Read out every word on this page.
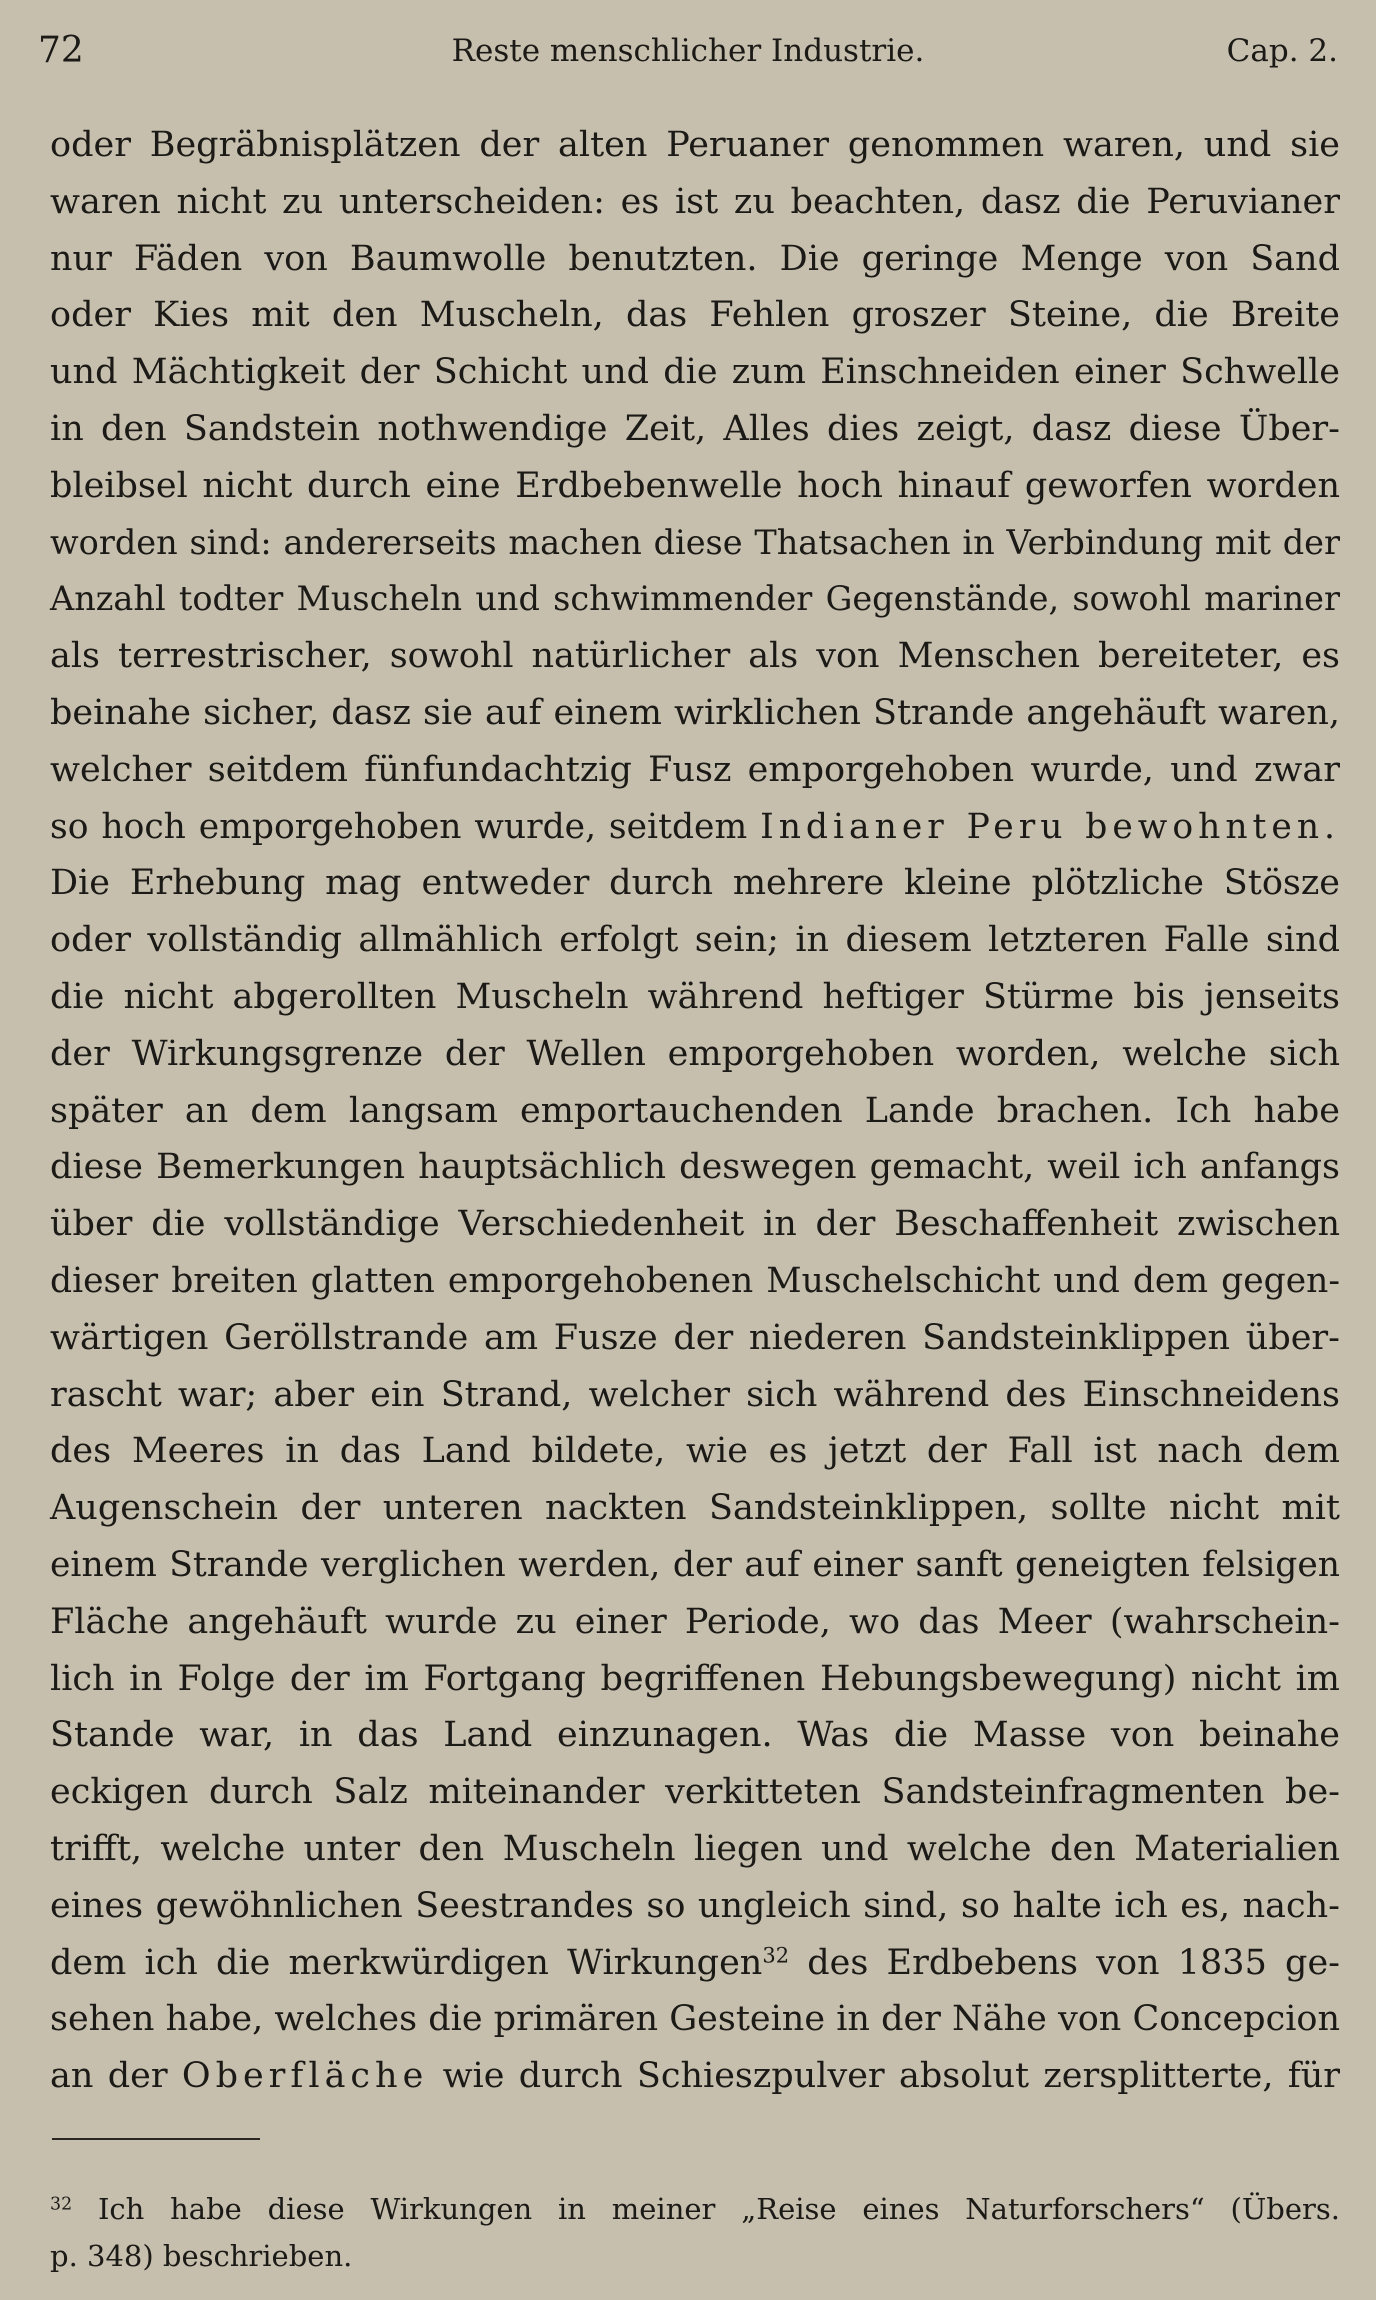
72	Reste menschlicher Industrie.	Cap. 2.
oder Begräbnisplätzen der alten Peruaner genommen waren, und sie
waren nicht zu unterscheiden: es ist zu beachten, dasz die Peruvianer
nur Fäden von Baumwolle benutzten. Die geringe Menge von Sand
oder Kies mit den Muscheln, das Fehlen groszer Steine, die Breite
und Mächtigkeit der Schicht und die zum Einschneiden einer Schwelle
in den Sandstein nothwendige Zeit, Alles dies zeigt, dasz diese Über-
bleibsel nicht durch eine Erdbebenwelle hoch hinauf geworfen worden
worden sind: andererseits machen diese Thatsachen in Verbindung mit der
Anzahl todter Muscheln und schwimmender Gegenstände, sowohl mariner
als terrestrischer, sowohl natürlicher als von Menschen bereiteter, es
beinahe sicher, dasz sie auf einem wirklichen Strande angehäuft waren,
welcher seitdem fünfundachtzig Fusz emporgehoben wurde, und zwar
so hoch emporgehoben wurde, seitdem Indianer Peru bewohnten.
Die Erhebung mag entweder durch mehrere kleine plötzliche Stösze
oder vollständig allmählich erfolgt sein; in diesem letzteren Falle sind
die nicht abgerollten Muscheln während heftiger Stürme bis jenseits
der Wirkungsgrenze der Wellen emporgehoben worden, welche sich
später an dem langsam emportauchenden Lande brachen. Ich habe
diese Bemerkungen hauptsächlich deswegen gemacht, weil ich anfangs
über die vollständige Verschiedenheit in der Beschaffenheit zwischen
dieser breiten glatten emporgehobenen Muschelschicht und dem gegen-
wärtigen Geröllstrande am Fusze der niederen Sandsteinklippen über-
rascht war; aber ein Strand, welcher sich während des Einschneidens
des Meeres in das Land bildete, wie es jetzt der Fall ist nach dem
Augenschein der unteren nackten Sandsteinklippen, sollte nicht mit
einem Strande verglichen werden, der auf einer sanft geneigten felsigen
Fläche angehäuft wurde zu einer Periode, wo das Meer (wahrschein-
lich in Folge der im Fortgang begriffenen Hebungsbewegung) nicht im
Stande war, in das Land einzunagen. Was die Masse von beinahe
eckigen durch Salz miteinander verkitteten Sandsteinfragmenten be-
trifft, welche unter den Muscheln liegen und welche den Materialien
eines gewöhnlichen Seestrandes so ungleich sind, so halte ich es, nach-
dem ich die merkwürdigen Wirkungen$^{32}$ des Erdbebens von 1835 ge-
sehen habe, welches die primären Gesteine in der Nähe von Concepcion
an der Oberfläche wie durch Schieszpulver absolut zersplitterte, für
$^{32}$ Ich habe diese Wirkungen in meiner „Reise eines Naturforschers“ (Übers.
p. 348) beschrieben.
